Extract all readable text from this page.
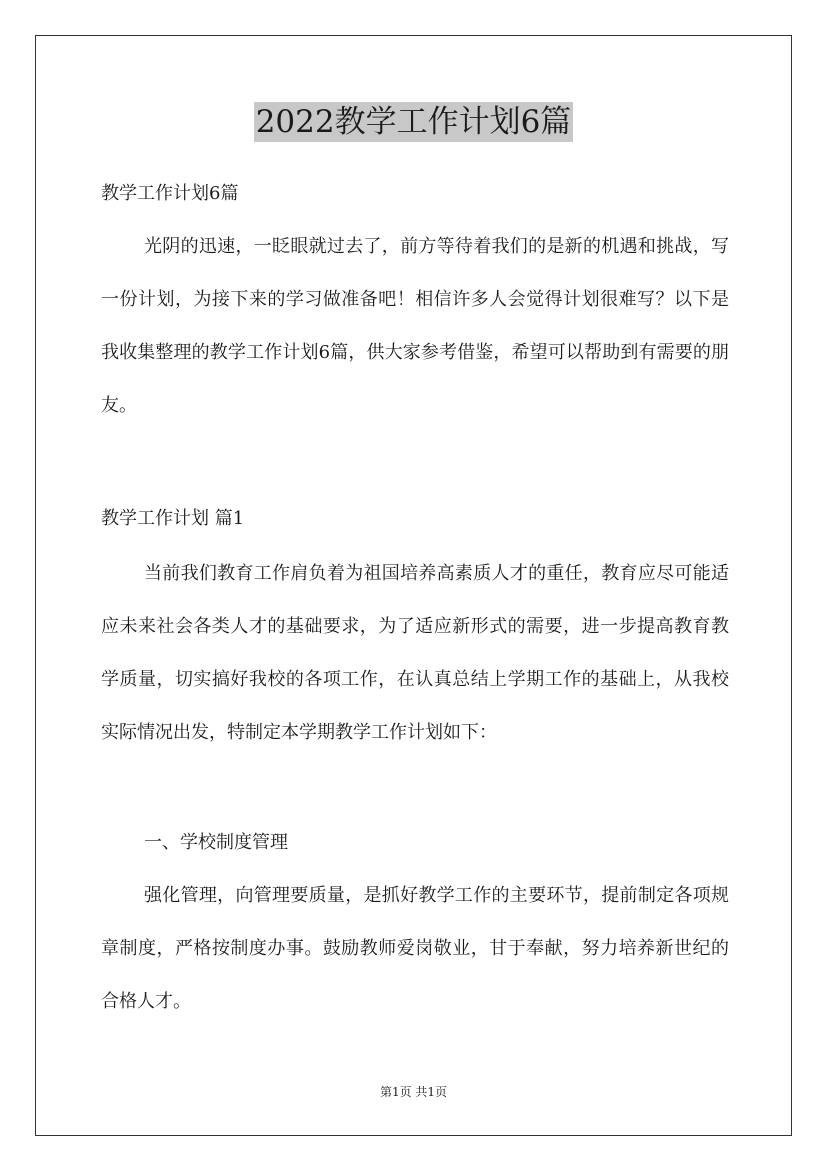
2022教学工作计划6篇
教学工作计划6篇

光阴的迅速，一眨眼就过去了，前方等待着我们的是新的机遇和挑战，写一份计划，为接下来的学习做准备吧！相信许多人会觉得计划很难写？以下是我收集整理的教学工作计划6篇，供大家参考借鉴，希望可以帮助到有需要的朋友。

教学工作计划 篇1

当前我们教育工作肩负着为祖国培养高素质人才的重任，教育应尽可能适应未来社会各类人才的基础要求，为了适应新形式的需要，进一步提高教育教学质量，切实搞好我校的各项工作，在认真总结上学期工作的基础上，从我校实际情况出发，特制定本学期教学工作计划如下：

一、学校制度管理

强化管理，向管理要质量，是抓好教学工作的主要环节，提前制定各项规章制度，严格按制度办事。鼓励教师爱岗敬业，甘于奉献，努力培养新世纪的合格人才。

第1页 共1页
